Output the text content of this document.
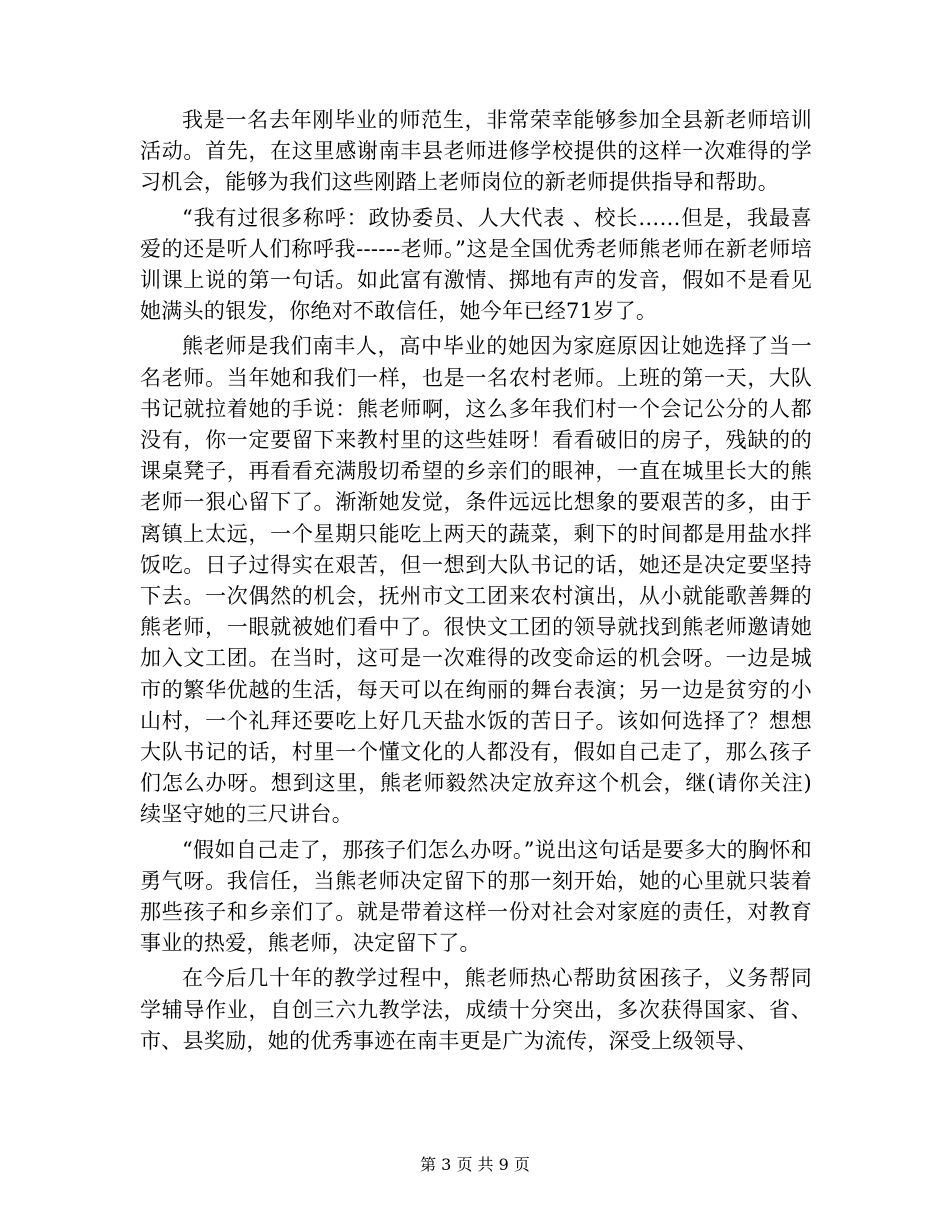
我是一名去年刚毕业的师范生，非常荣幸能够参加全县新老师培训活动。首先，在这里感谢南丰县老师进修学校提供的这样一次难得的学习机会，能够为我们这些刚踏上老师岗位的新老师提供指导和帮助。

“我有过很多称呼：政协委员、人大代表 、校长……但是，我最喜爱的还是听人们称呼我------老师。”这是全国优秀老师熊老师在新老师培训课上说的第一句话。如此富有激情、掷地有声的发音，假如不是看见她满头的银发，你绝对不敢信任，她今年已经71岁了。

熊老师是我们南丰人，高中毕业的她因为家庭原因让她选择了当一名老师。当年她和我们一样，也是一名农村老师。上班的第一天，大队书记就拉着她的手说：熊老师啊，这么多年我们村一个会记公分的人都没有，你一定要留下来教村里的这些娃呀！看看破旧的房子，残缺的的课桌凳子，再看看充满殷切希望的乡亲们的眼神，一直在城里长大的熊老师一狠心留下了。渐渐她发觉，条件远远比想象的要艰苦的多，由于离镇上太远，一个星期只能吃上两天的蔬菜，剩下的时间都是用盐水拌饭吃。日子过得实在艰苦，但一想到大队书记的话，她还是决定要坚持下去。一次偶然的机会，抚州市文工团来农村演出，从小就能歌善舞的熊老师，一眼就被她们看中了。很快文工团的领导就找到熊老师邀请她加入文工团。在当时，这可是一次难得的改变命运的机会呀。一边是城市的繁华优越的生活，每天可以在绚丽的舞台表演；另一边是贫穷的小山村，一个礼拜还要吃上好几天盐水饭的苦日子。该如何选择了？想想大队书记的话，村里一个懂文化的人都没有，假如自己走了，那么孩子们怎么办呀。想到这里，熊老师毅然决定放弃这个机会，继(请你关注)续坚守她的三尺讲台。

“假如自己走了，那孩子们怎么办呀。”说出这句话是要多大的胸怀和勇气呀。我信任，当熊老师决定留下的那一刻开始，她的心里就只装着那些孩子和乡亲们了。就是带着这样一份对社会对家庭的责任，对教育事业的热爱，熊老师，决定留下了。

在今后几十年的教学过程中，熊老师热心帮助贫困孩子，义务帮同学辅导作业，自创三六九教学法，成绩十分突出，多次获得国家、省、市、县奖励，她的优秀事迹在南丰更是广为流传，深受上级领导、

第 3 页 共 9 页
